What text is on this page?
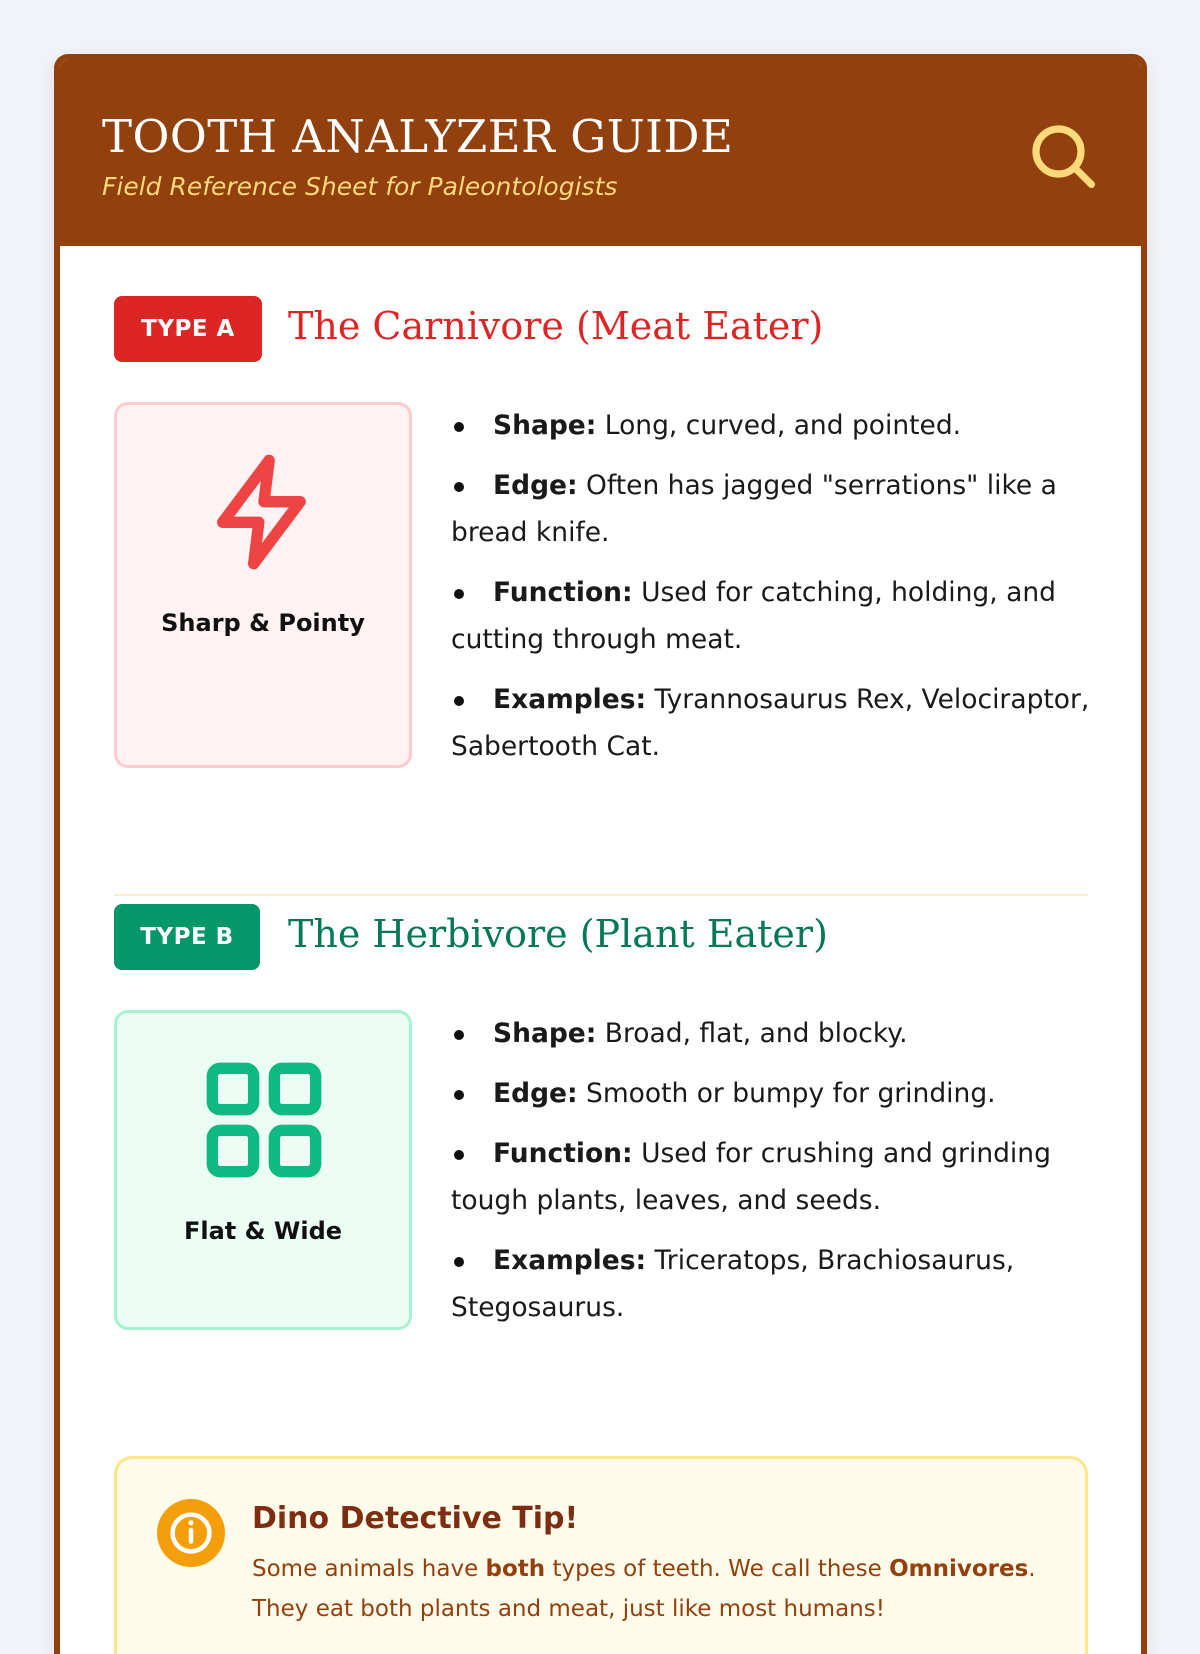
TOOTH ANALYZER GUIDE
Field Reference Sheet for Paleontologists
TYPE A	The Carnivore (Meat Eater)
Sharp & Pointy
Shape: Long, curved, and pointed.
Edge: Often has jagged "serrations" like a bread knife.
Function: Used for catching, holding, and cutting through meat.
Examples: Tyrannosaurus Rex, Velociraptor, Sabertooth Cat.
TYPE B	The Herbivore (Plant Eater)
Flat & Wide
Shape: Broad, flat, and blocky.
Edge: Smooth or bumpy for grinding.
Function: Used for crushing and grinding tough plants, leaves, and seeds.
Examples: Triceratops, Brachiosaurus, Stegosaurus.
Dino Detective Tip!
Some animals have both types of teeth. We call these Omnivores. They eat both plants and meat, just like most humans!
